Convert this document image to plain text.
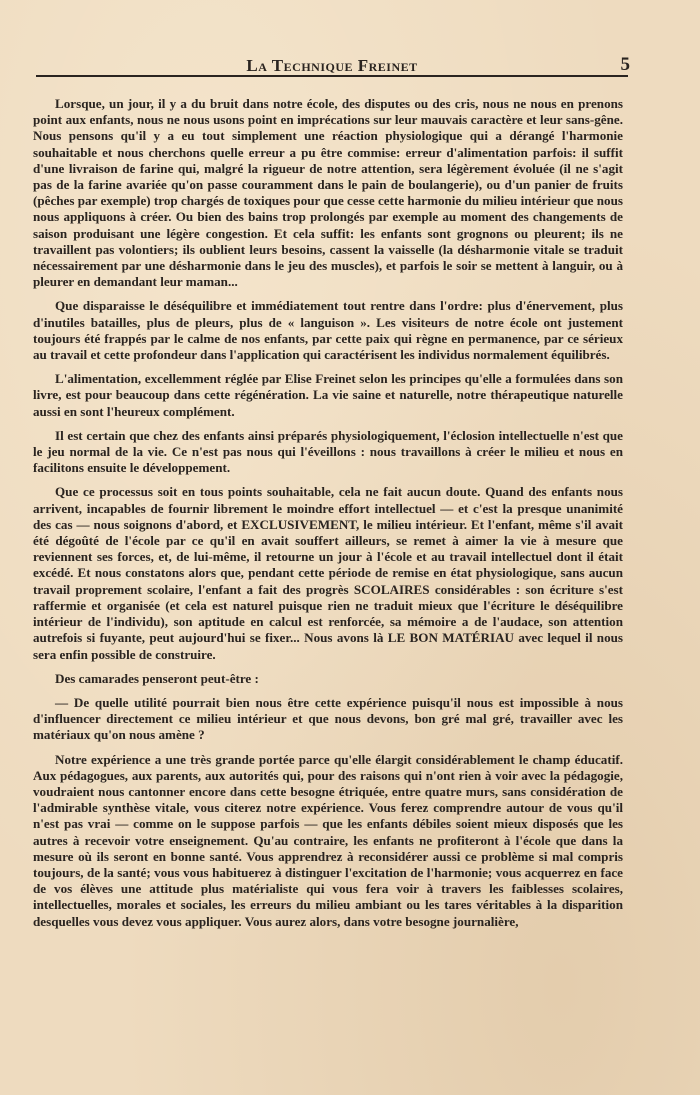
La Technique Freinet	5

Lorsque, un jour, il y a du bruit dans notre école, des disputes ou des cris, nous ne nous en prenons point aux enfants, nous ne nous usons point en imprécations sur leur mauvais caractère et leur sans-gêne. Nous pensons qu'il y a eu tout simplement une réaction physiologique qui a dérangé l'harmonie souhaitable et nous cherchons quelle erreur a pu être commise: erreur d'alimentation parfois: il suffit d'une livraison de farine qui, malgré la rigueur de notre attention, sera légèrement évoluée (il ne s'agit pas de la farine avariée qu'on passe couramment dans le pain de boulangerie), ou d'un panier de fruits (pêches par exemple) trop chargés de toxiques pour que cesse cette harmonie du milieu intérieur que nous nous appliquons à créer. Ou bien des bains trop prolongés par exemple au moment des changements de saison produisant une légère congestion. Et cela suffit: les enfants sont grognons ou pleurent; ils ne travaillent pas volontiers; ils oublient leurs besoins, cassent la vaisselle (la désharmonie vitale se traduit nécessairement par une désharmonie dans le jeu des muscles), et parfois le soir se mettent à languir, ou à pleurer en demandant leur maman...

Que disparaisse le déséquilibre et immédiatement tout rentre dans l'ordre: plus d'énervement, plus d'inutiles batailles, plus de pleurs, plus de « languison ». Les visiteurs de notre école ont justement toujours été frappés par le calme de nos enfants, par cette paix qui règne en permanence, par ce sérieux au travail et cette profondeur dans l'application qui caractérisent les individus normalement équilibrés.

L'alimentation, excellemment réglée par Elise Freinet selon les principes qu'elle a formulées dans son livre, est pour beaucoup dans cette régénération. La vie saine et naturelle, notre thérapeutique naturelle aussi en sont l'heureux complément.

Il est certain que chez des enfants ainsi préparés physiologiquement, l'éclosion intellectuelle n'est que le jeu normal de la vie. Ce n'est pas nous qui l'éveillons : nous travaillons à créer le milieu et nous en facilitons ensuite le développement.

Que ce processus soit en tous points souhaitable, cela ne fait aucun doute. Quand des enfants nous arrivent, incapables de fournir librement le moindre effort intellectuel — et c'est la presque unanimité des cas — nous soignons d'abord, et EXCLUSIVEMENT, le milieu intérieur. Et l'enfant, même s'il avait été dégoûté de l'école par ce qu'il en avait souffert ailleurs, se remet à aimer la vie à mesure que reviennent ses forces, et, de lui-même, il retourne un jour à l'école et au travail intellectuel dont il était excédé. Et nous constatons alors que, pendant cette période de remise en état physiologique, sans aucun travail proprement scolaire, l'enfant a fait des progrès SCOLAIRES considérables : son écriture s'est raffermie et organisée (et cela est naturel puisque rien ne traduit mieux que l'écriture le déséquilibre intérieur de l'individu), son aptitude en calcul est renforcée, sa mémoire a de l'audace, son attention autrefois si fuyante, peut aujourd'hui se fixer... Nous avons là LE BON MATÉRIAU avec lequel il nous sera enfin possible de construire.

Des camarades penseront peut-être :

— De quelle utilité pourrait bien nous être cette expérience puisqu'il nous est impossible à nous d'influencer directement ce milieu intérieur et que nous devons, bon gré mal gré, travailler avec les matériaux qu'on nous amène ?

Notre expérience a une très grande portée parce qu'elle élargit considérablement le champ éducatif. Aux pédagogues, aux parents, aux autorités qui, pour des raisons qui n'ont rien à voir avec la pédagogie, voudraient nous cantonner encore dans cette besogne étriquée, entre quatre murs, sans considération de l'admirable synthèse vitale, vous citerez notre expérience. Vous ferez comprendre autour de vous qu'il n'est pas vrai — comme on le suppose parfois — que les enfants débiles soient mieux disposés que les autres à recevoir votre enseignement. Qu'au contraire, les enfants ne profiteront à l'école que dans la mesure où ils seront en bonne santé. Vous apprendrez à reconsidérer aussi ce problème si mal compris toujours, de la santé; vous vous habituerez à distinguer l'excitation de l'harmonie; vous acquerrez en face de vos élèves une attitude plus matérialiste qui vous fera voir à travers les faiblesses scolaires, intellectuelles, morales et sociales, les erreurs du milieu ambiant ou les tares véritables à la disparition desquelles vous devez vous appliquer. Vous aurez alors, dans votre besogne journalière,
